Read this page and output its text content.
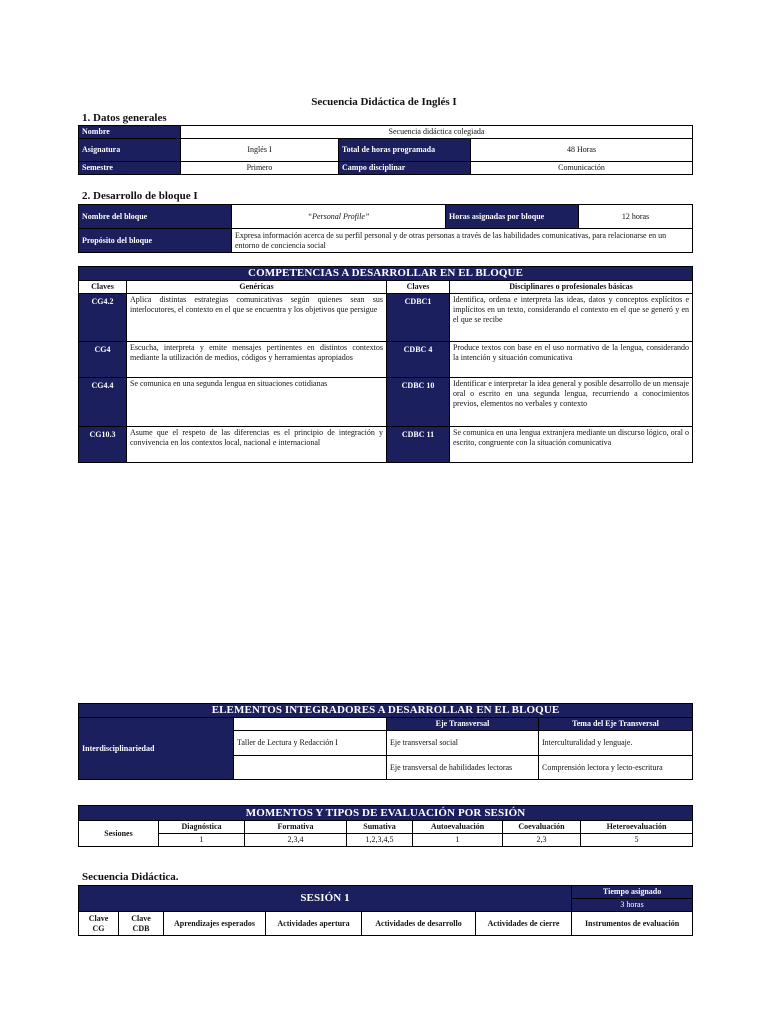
Secuencia Didáctica de Inglés I
1. Datos generales
Nombre	Secuencia didáctica colegiada		
Asignatura	Inglés I	Total de horas programada	48 Horas
Semestre	Primero	Campo disciplinar	Comunicación
2. Desarrollo de bloque I
Nombre del bloque	“Personal Profile”	Horas asignadas por bloque	12 horas
Propósito del bloque	Expresa información acerca de su perfil personal y de otras personas a través de las habilidades comunicativas, para relacionarse en un entorno de conciencia social		
COMPETENCIAS A DESARROLLAR EN EL BLOQUE			
Claves	Genéricas	Claves	Disciplinares o profesionales básicas
CG4.2	Aplica distintas estrategias comunicativas según quienes sean sus interlocutores, el contexto en el que se encuentra y los objetivos que persigue	CDBC1	Identifica, ordena e interpreta las ideas, datos y conceptos explícitos e implícitos en un texto, considerando el contexto en el que se generó y en el que se recibe
CG4	Escucha, interpreta y emite mensajes pertinentes en distintos contextos mediante la utilización de medios, códigos y herramientas apropiados	CDBC 4	Produce textos con base en el uso normativo de la lengua, considerando la intención y situación comunicativa
CG4.4	Se comunica en una segunda lengua en situaciones cotidianas	CDBC 10	Identificar e interpretar la idea general y posible desarrollo de un mensaje oral o escrito en una segunda lengua, recurriendo a conocimientos previos, elementos no verbales y contexto
CG10.3	Asume que el respeto de las diferencias es el principio de integración y convivencia en los contextos local, nacional e internacional	CDBC 11	Se comunica en una lengua extranjera mediante un discurso lógico, oral o escrito, congruente con la situación comunicativa
ELEMENTOS INTEGRADORES A DESARROLLAR EN EL BLOQUE			
Interdisciplinariedad		Eje Transversal	Tema del Eje Transversal
	Taller de Lectura y Redacción I	Eje transversal social	Interculturalidad y lenguaje.
		Eje transversal de habilidades lectoras	Comprensión lectora y lecto-escritura
MOMENTOS Y TIPOS DE EVALUACIÓN POR SESIÓN						
Sesiones	Diagnóstica	Formativa	Sumativa	Autoevaluación	Coevaluación	Heteroevaluación
	1	2,3,4	1,2,3,4,5	1	2,3	5
Secuencia Didáctica.
SESIÓN 1						Tiempo asignado
						3 horas
Clave CG	Clave CDB	Aprendizajes esperados	Actividades apertura	Actividades de desarrollo	Actividades de cierre	Instrumentos de evaluación
